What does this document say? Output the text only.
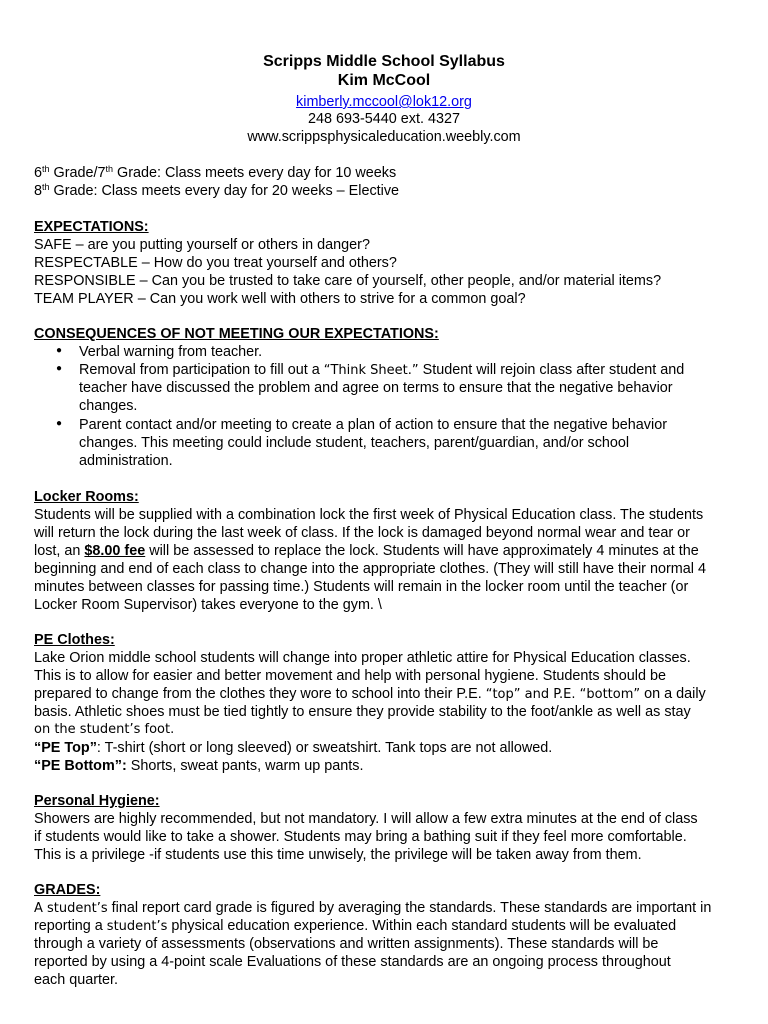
Scripps Middle School Syllabus
Kim McCool
kimberly.mccool@lok12.org
248 693-5440 ext. 4327
www.scrippsphysicaleducation.weebly.com
6th Grade/7th Grade: Class meets every day for 10 weeks
8th Grade: Class meets every day for 20 weeks – Elective
EXPECTATIONS:
SAFE – are you putting yourself or others in danger?
RESPECTABLE – How do you treat yourself and others?
RESPONSIBLE – Can you be trusted to take care of yourself, other people, and/or material items?
TEAM PLAYER – Can you work well with others to strive for a common goal?
CONSEQUENCES OF NOT MEETING OUR EXPECTATIONS:
● Verbal warning from teacher.
● Removal from participation to fill out a “Think Sheet.” Student will rejoin class after student and
teacher have discussed the problem and agree on terms to ensure that the negative behavior
changes.
● Parent contact and/or meeting to create a plan of action to ensure that the negative behavior
changes. This meeting could include student, teachers, parent/guardian, and/or school
administration.
Locker Rooms:
Students will be supplied with a combination lock the first week of Physical Education class. The students
will return the lock during the last week of class. If the lock is damaged beyond normal wear and tear or
lost, an $8.00 fee will be assessed to replace the lock. Students will have approximately 4 minutes at the
beginning and end of each class to change into the appropriate clothes. (They will still have their normal 4
minutes between classes for passing time.) Students will remain in the locker room until the teacher (or
Locker Room Supervisor) takes everyone to the gym. \
PE Clothes:
Lake Orion middle school students will change into proper athletic attire for Physical Education classes.
This is to allow for easier and better movement and help with personal hygiene. Students should be
prepared to change from the clothes they wore to school into their P.E. “top” and P.E. “bottom” on a daily
basis. Athletic shoes must be tied tightly to ensure they provide stability to the foot/ankle as well as stay
on the student’s foot.
“PE Top”: T-shirt (short or long sleeved) or sweatshirt. Tank tops are not allowed.
“PE Bottom”: Shorts, sweat pants, warm up pants.
Personal Hygiene:
Showers are highly recommended, but not mandatory. I will allow a few extra minutes at the end of class
if students would like to take a shower. Students may bring a bathing suit if they feel more comfortable.
This is a privilege -if students use this time unwisely, the privilege will be taken away from them.
GRADES:
A student’s final report card grade is figured by averaging the standards. These standards are important in
reporting a student’s physical education experience. Within each standard students will be evaluated
through a variety of assessments (observations and written assignments). These standards will be
reported by using a 4-point scale Evaluations of these standards are an ongoing process throughout
each quarter.
